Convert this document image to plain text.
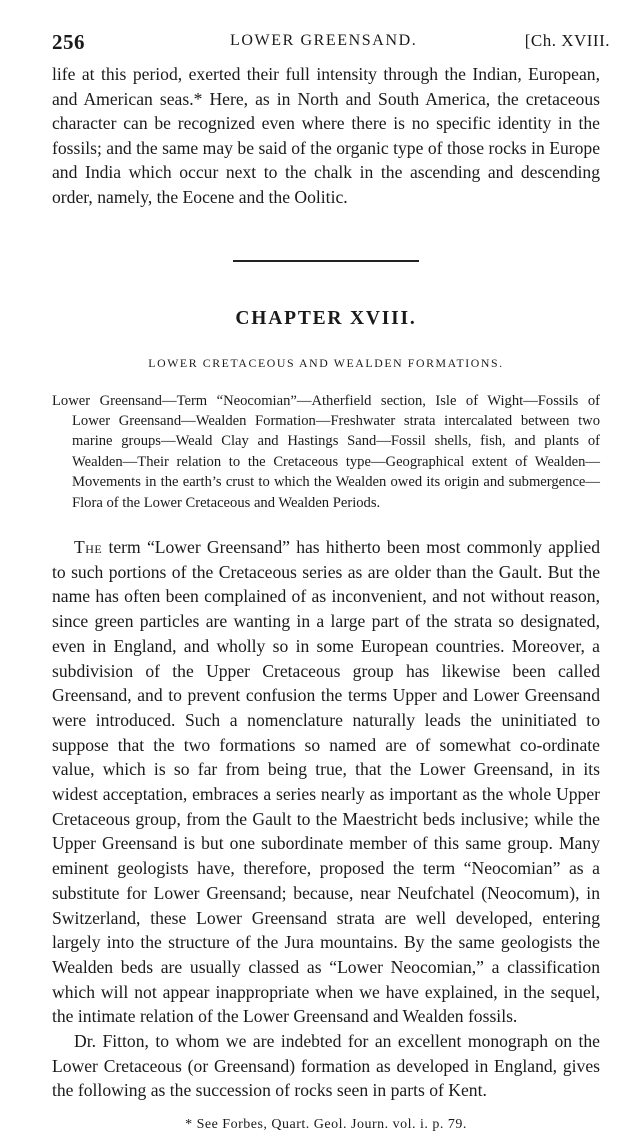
256	LOWER GREENSAND.	[Ch. XVIII.

life at this period, exerted their full intensity through the Indian, European, and American seas.* Here, as in North and South America, the cretaceous character can be recognized even where there is no specific identity in the fossils; and the same may be said of the organic type of those rocks in Europe and India which occur next to the chalk in the ascending and descending order, namely, the Eocene and the Oolitic.

CHAPTER XVIII.
LOWER CRETACEOUS AND WEALDEN FORMATIONS.

Lower Greensand—Term “Neocomian”—Atherfield section, Isle of Wight—Fossils of Lower Greensand—Wealden Formation—Freshwater strata intercalated between two marine groups—Weald Clay and Hastings Sand—Fossil shells, fish, and plants of Wealden—Their relation to the Cretaceous type—Geographical extent of Wealden—Movements in the earth’s crust to which the Wealden owed its origin and submergence—Flora of the Lower Cretaceous and Wealden Periods.

The term “Lower Greensand” has hitherto been most commonly applied to such portions of the Cretaceous series as are older than the Gault. But the name has often been complained of as inconvenient, and not without reason, since green particles are wanting in a large part of the strata so designated, even in England, and wholly so in some European countries. Moreover, a subdivision of the Upper Cretaceous group has likewise been called Greensand, and to prevent confusion the terms Upper and Lower Greensand were introduced. Such a nomenclature naturally leads the uninitiated to suppose that the two formations so named are of somewhat co-ordinate value, which is so far from being true, that the Lower Greensand, in its widest acceptation, embraces a series nearly as important as the whole Upper Cretaceous group, from the Gault to the Maestricht beds inclusive; while the Upper Greensand is but one subordinate member of this same group. Many eminent geologists have, therefore, proposed the term “Neocomian” as a substitute for Lower Greensand; because, near Neufchatel (Neocomum), in Switzerland, these Lower Greensand strata are well developed, entering largely into the structure of the Jura mountains. By the same geologists the Wealden beds are usually classed as “Lower Neocomian,” a classification which will not appear inappropriate when we have explained, in the sequel, the intimate relation of the Lower Greensand and Wealden fossils.

Dr. Fitton, to whom we are indebted for an excellent monograph on the Lower Cretaceous (or Greensand) formation as developed in England, gives the following as the succession of rocks seen in parts of Kent.

* See Forbes, Quart. Geol. Journ. vol. i. p. 79.
